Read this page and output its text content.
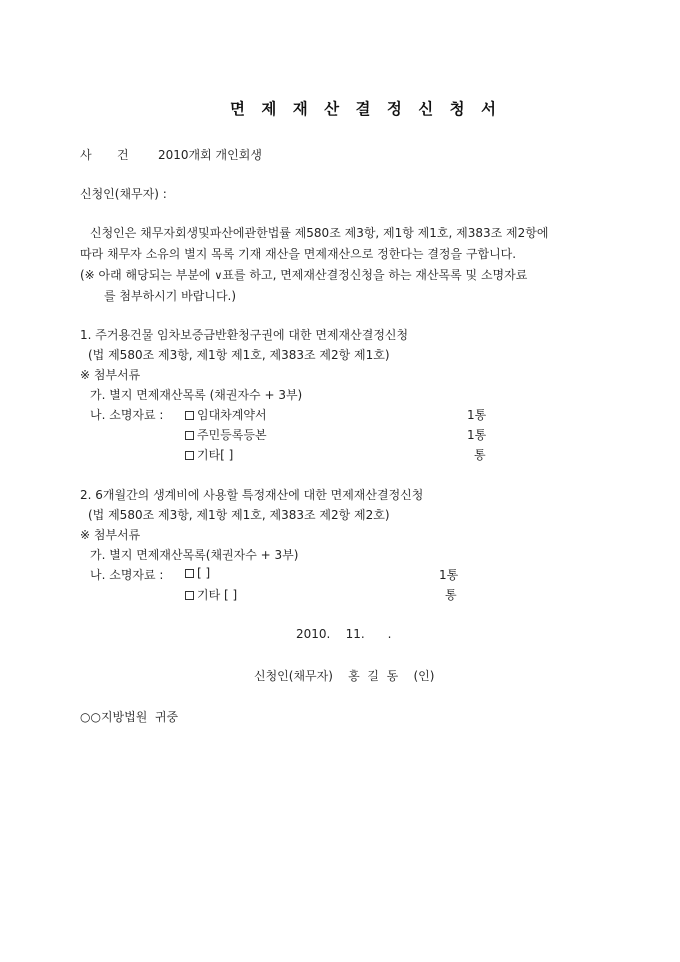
면 제 재 산 결 정 신 청 서
사 건 2010개회 개인회생
신청인(채무자) :
신청인은 채무자회생및파산에관한법률 제580조 제3항, 제1항 제1호, 제383조 제2항에
따라 채무자 소유의 별지 목록 기재 재산을 면제재산으로 정한다는 결정을 구합니다.
(※ 아래 해당되는 부분에 ∨표를 하고, 면제재산결정신청을 하는 재산목록 및 소명자료
를 첨부하시기 바랍니다.)
1. 주거용건물 임차보증금반환청구권에 대한 면제재산결정신청
(법 제580조 제3항, 제1항 제1호, 제383조 제2항 제1호)
※ 첨부서류
가. 별지 면제재산목록 (채권자수 + 3부)
나. 소명자료 :	임대차계약서	1통
주민등록등본	1통
기타[ ]	통
2. 6개월간의 생계비에 사용할 특정재산에 대한 면제재산결정신청
(법 제580조 제3항, 제1항 제1호, 제383조 제2항 제2호)
※ 첨부서류
가. 별지 면제재산목록(채권자수 + 3부)
나. 소명자료 :	[ ]	1통
기타 [ ]	통
2010.    11.      .
신청인(채무자)    홍  길  동    (인)
○○지방법원  귀중
